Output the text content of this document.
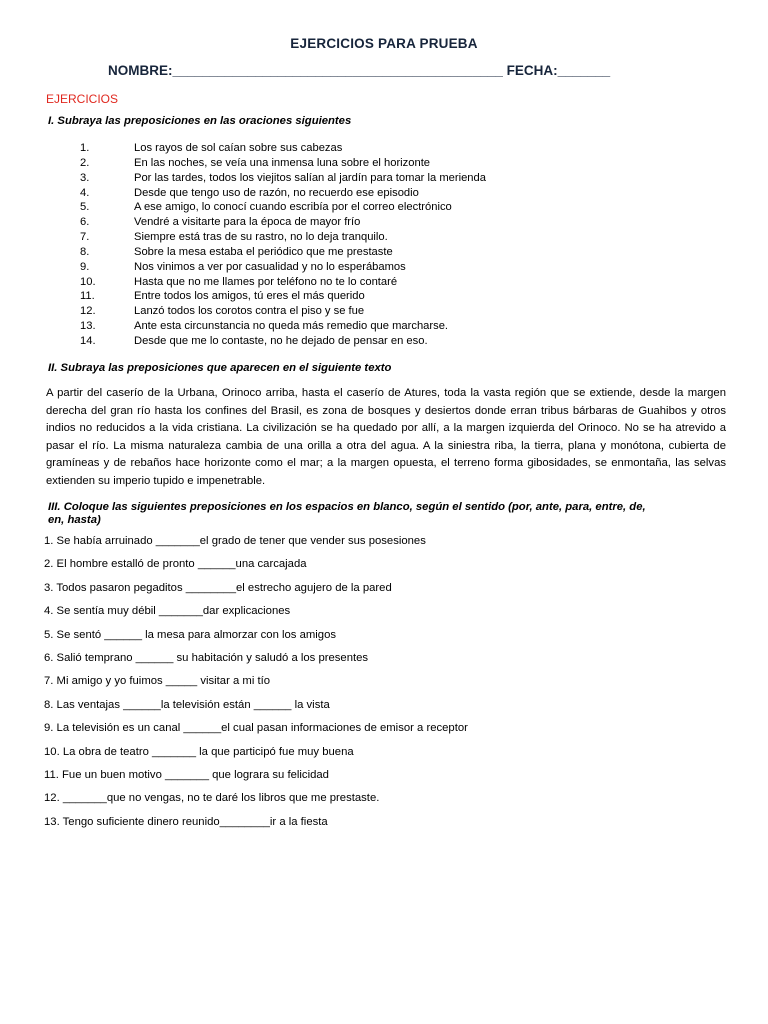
EJERCICIOS PARA PRUEBA
NOMBRE:____________________________________________ FECHA:_______
EJERCICIOS
I. Subraya las preposiciones en las oraciones siguientes
1.	Los rayos de sol caían sobre sus cabezas
2.	En las noches, se veía una inmensa luna sobre el horizonte
3.	Por las tardes, todos los viejitos salían al jardín para tomar la merienda
4.	Desde que tengo uso de razón, no recuerdo ese episodio
5.	A ese amigo, lo conocí cuando escribía por el correo electrónico
6.	Vendré a visitarte para la época de mayor frío
7.	Siempre está tras de su rastro, no lo deja tranquilo.
8.	Sobre la mesa estaba el periódico que me prestaste
9.	Nos vinimos a ver por casualidad y no lo esperábamos
10.	Hasta que no me llames por teléfono no te lo contaré
11.	Entre todos los amigos, tú eres el más querido
12.	Lanzó todos los corotos contra el piso y se fue
13.	Ante esta circunstancia no queda más remedio que marcharse.
14.	Desde que me lo contaste, no he dejado de pensar en eso.
II. Subraya las preposiciones que aparecen en el siguiente texto

A partir del caserío de la Urbana, Orinoco arriba, hasta el caserío de Atures, toda la vasta región que se extiende, desde la margen derecha del gran río hasta los confines del Brasil, es zona de bosques y desiertos donde erran tribus bárbaras de Guahibos y otros indios no reducidos a la vida cristiana. La civilización se ha quedado por allí, a la margen izquierda del Orinoco. No se ha atrevido a pasar el río. La misma naturaleza cambia de una orilla a otra del agua. A la siniestra riba, la tierra, plana y monótona, cubierta de gramíneas y de rebaños hace horizonte como el mar; a la margen opuesta, el terreno forma gibosidades, se enmontaña, las selvas extienden su imperio tupido e impenetrable.

III. Coloque las siguientes preposiciones en los espacios en blanco, según el sentido (por, ante, para, entre, de,
en, hasta)
1. Se había arruinado _______el grado de tener que vender sus posesiones
2. El hombre estalló de pronto ______una carcajada
3. Todos pasaron pegaditos ________el estrecho agujero de la pared
4. Se sentía muy débil _______dar explicaciones
5. Se sentó ______ la mesa para almorzar con los amigos
6. Salió temprano ______ su habitación y saludó a los presentes
7. Mi amigo y yo fuimos _____ visitar a mi tío
8. Las ventajas ______la televisión están ______ la vista
9. La televisión es un canal ______el cual pasan informaciones de emisor a receptor
10. La obra de teatro _______ la que participó fue muy buena
11. Fue un buen motivo _______ que lograra su felicidad
12. _______que no vengas, no te daré los libros que me prestaste.
13. Tengo suficiente dinero reunido________ir a la fiesta
